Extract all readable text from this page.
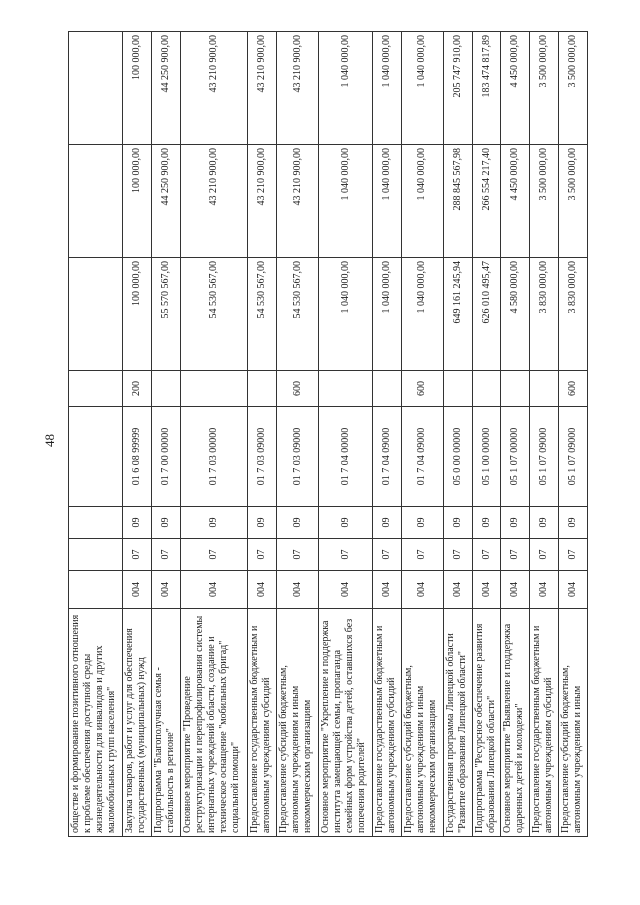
48
обществе и формирование позитивного отношения к проблеме обеспечения доступной среды жизнедеятельности для инвалидов и других маломобильных групп населения"								
Закупка товаров, работ и услуг для обеспечения государственных (муниципальных) нужд	004	07	09	01 6 08 99999	200	100 000,00	100 000,00	100 000,00
Подпрограмма "Благополучная семья - стабильность в регионе"	004	07	09	01 7 00 00000		55 570 567,00	44 250 900,00	44 250 900,00
Основное мероприятие "Проведение реструктуризации и перепрофилирования системы интернатных учреждений области, создание и техническое оснащение "мобильных бригад" социальной помощи"	004	07	09	01 7 03 00000		54 530 567,00	43 210 900,00	43 210 900,00
Предоставление государственным бюджетным и автономным учреждениям субсидий	004	07	09	01 7 03 09000		54 530 567,00	43 210 900,00	43 210 900,00
Предоставление субсидий бюджетным, автономным учреждениям и иным некоммерческим организациям	004	07	09	01 7 03 09000	600	54 530 567,00	43 210 900,00	43 210 900,00
Основное мероприятие "Укрепление и поддержка института замещающей семьи, пропаганда семейных форм устройства детей, оставшихся без попечения родителей"	004	07	09	01 7 04 00000		1 040 000,00	1 040 000,00	1 040 000,00
Предоставление государственным бюджетным и автономным учреждениям субсидий	004	07	09	01 7 04 09000		1 040 000,00	1 040 000,00	1 040 000,00
Предоставление субсидий бюджетным, автономным учреждениям и иным некоммерческим организациям	004	07	09	01 7 04 09000	600	1 040 000,00	1 040 000,00	1 040 000,00
Государственная программа Липецкой области "Развитие образования Липецкой области"	004	07	09	05 0 00 00000		649 161 245,94	288 845 567,98	205 747 910,00
Подпрограмма "Ресурсное обеспечение развития образования Липецкой области"	004	07	09	05 1 00 00000		626 010 495,47	266 554 217,40	183 474 817,89
Основное мероприятие "Выявление и поддержка одаренных детей и молодежи"	004	07	09	05 1 07 00000		4 580 000,00	4 450 000,00	4 450 000,00
Предоставление государственным бюджетным и автономным учреждениям субсидий	004	07	09	05 1 07 09000		3 830 000,00	3 500 000,00	3 500 000,00
Предоставление субсидий бюджетным, автономным учреждениям и иным	004	07	09	05 1 07 09000	600	3 830 000,00	3 500 000,00	3 500 000,00
